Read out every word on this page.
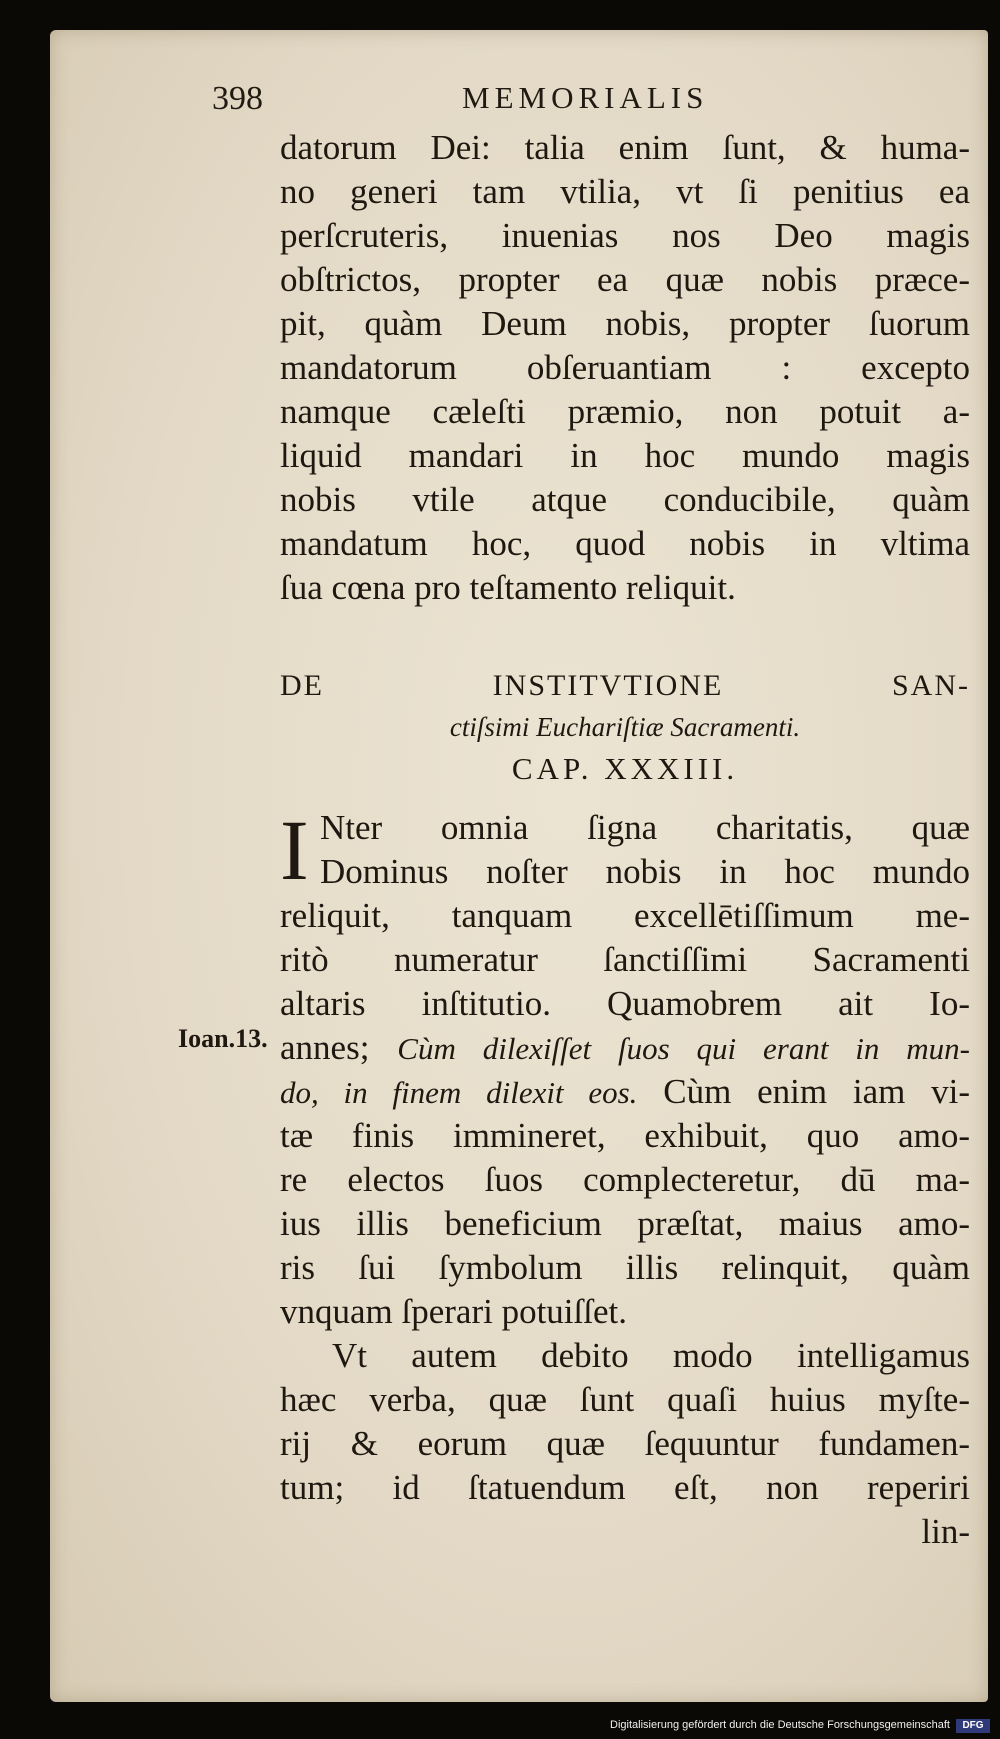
398	MEMORIALIS
datorum Dei: talia enim ſunt, & huma-
no generi tam vtilia, vt ſi penitius ea
perſcruteris, inuenias nos Deo magis
obſtrictos, propter ea quæ nobis præce-
pit, quàm Deum nobis, propter ſuorum
mandatorum obſeruantiam : excepto
namque cæleſti præmio, non potuit a-
liquid mandari in hoc mundo magis
nobis vtile atque conducibile, quàm
mandatum hoc, quod nobis in vltima
ſua cœna pro teſtamento reliquit.
DE INSTITVTIONE SAN-
ctiſsimi Euchariſtiæ Sacramenti.
CAP. XXXIII.
I Nter omnia ſigna charitatis, quæ
Dominus noſter nobis in hoc mundo
reliquit, tanquam excellētiſſimum me-
ritò numeratur ſanctiſſimi Sacramenti
altaris inſtitutio. Quamobrem ait Io-
annes; Cùm dilexiſſet ſuos qui erant in mun-
do, in finem dilexit eos. Cùm enim iam vi-
tæ finis immineret, exhibuit, quo amo-
re electos ſuos complecteretur, dū ma-
ius illis beneficium præſtat, maius amo-
ris ſui ſymbolum illis relinquit, quàm
vnquam ſperari potuiſſet.
Vt autem debito modo intelligamus
hæc verba, quæ ſunt quaſi huius myſte-
rij & eorum quæ ſequuntur fundamen-
tum; id ſtatuendum eſt, non reperiri
lin-
Ioan.13.
Digitalisierung gefördert durch die Deutsche Forschungsgemeinschaft	DFG
